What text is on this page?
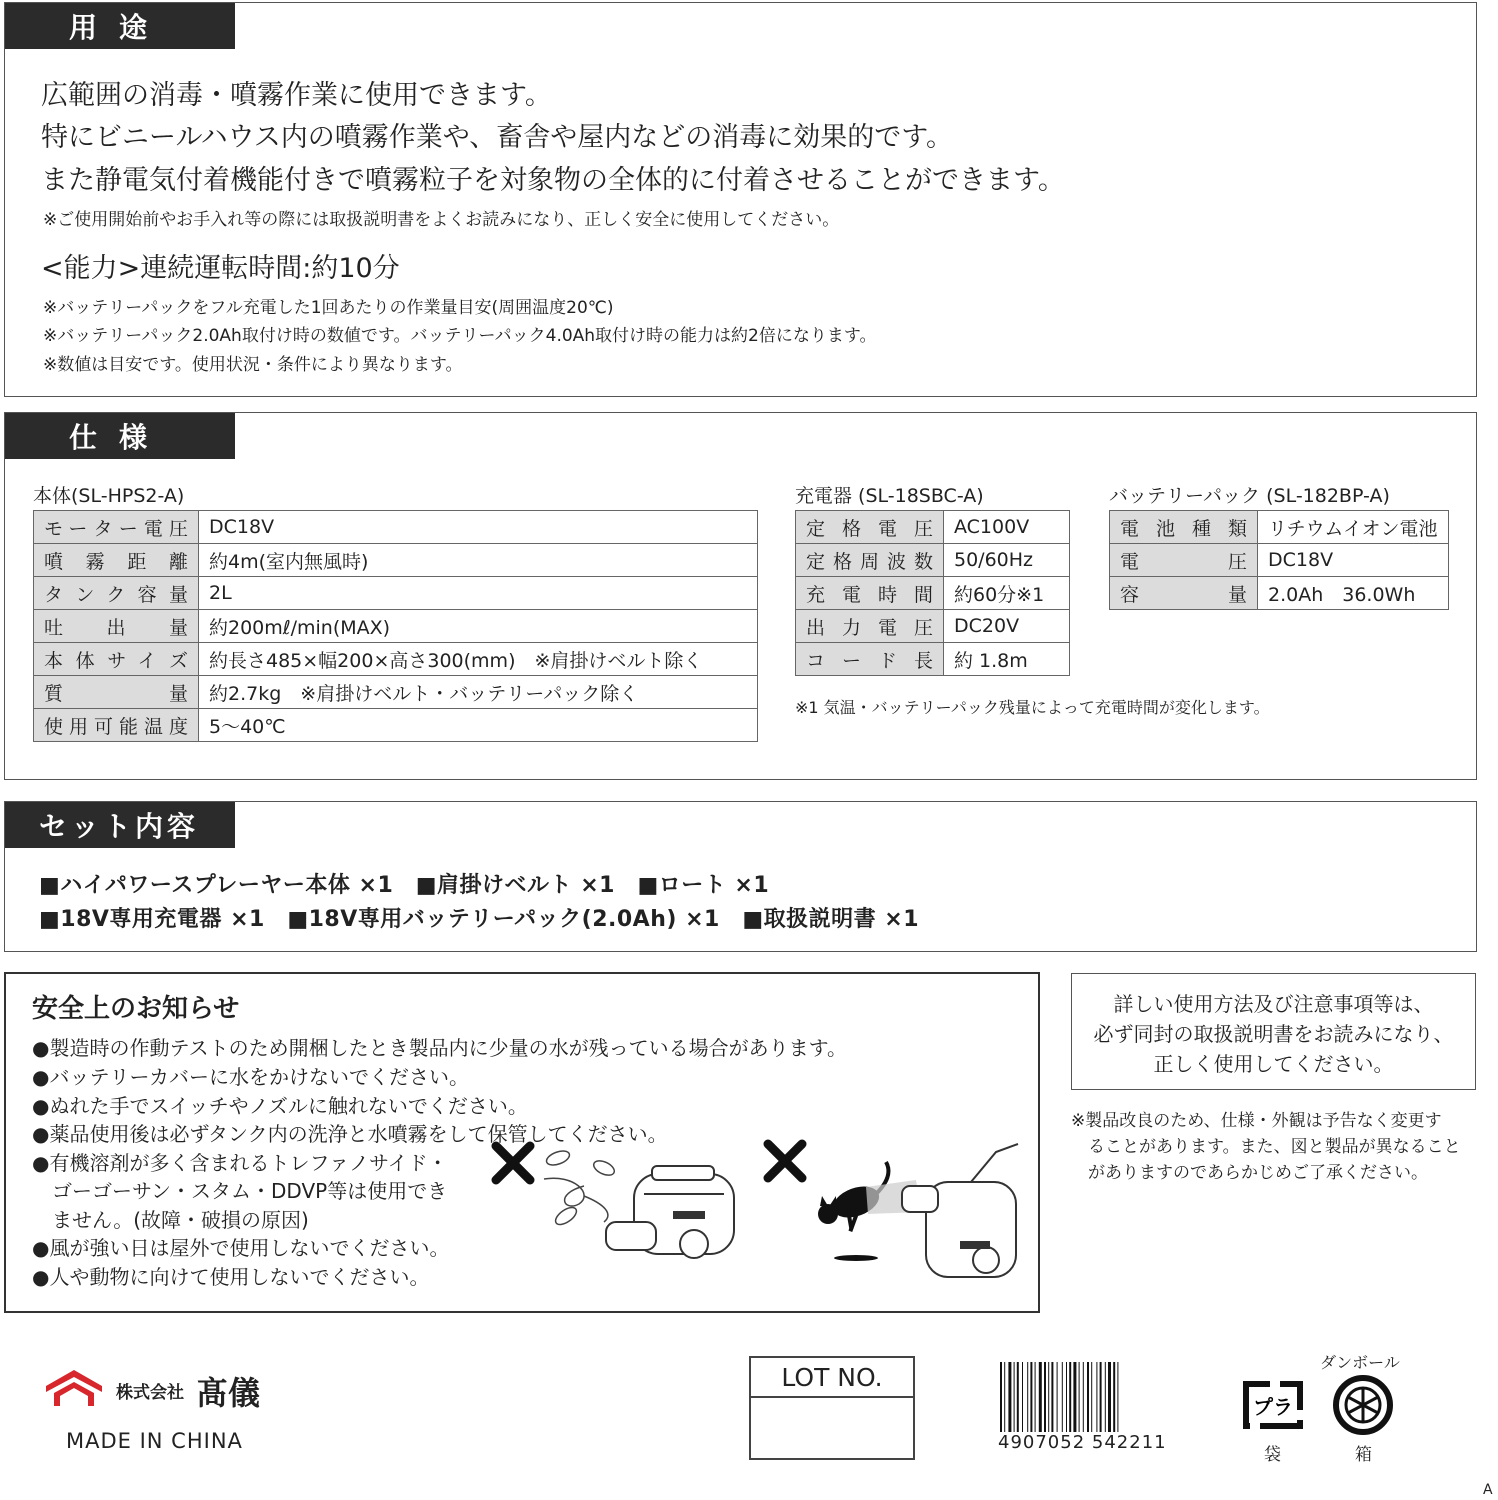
用途
広範囲の消毒・噴霧作業に使用できます。
特にビニールハウス内の噴霧作業や、畜舎や屋内などの消毒に効果的です。
また静電気付着機能付きで噴霧粒子を対象物の全体的に付着させることができます。
※ご使用開始前やお手入れ等の際には取扱説明書をよくお読みになり、正しく安全に使用してください。
<能力>連続運転時間:約10分
※バッテリーパックをフル充電した1回あたりの作業量目安(周囲温度20℃)
※バッテリーパック2.0Ah取付け時の数値です。バッテリーパック4.0Ah取付け時の能力は約2倍になります。
※数値は目安です。使用状況・条件により異なります。
仕様
本体(SL-HPS2-A)
モーター電圧	DC18V
噴霧距離	約4m(室内無風時)
タンク容量	2L
吐出量	約200mℓ/min(MAX)
本体サイズ	約長さ485×幅200×高さ300(mm)　※肩掛けベルト除く
質量	約2.7kg　※肩掛けベルト・バッテリーパック除く
使用可能温度	5〜40℃
充電器 (SL-18SBC-A)
定格電圧	AC100V
定格周波数	50/60Hz
充電時間	約60分※1
出力電圧	DC20V
コード長	約 1.8m
※1 気温・バッテリーパック残量によって充電時間が変化します。
バッテリーパック (SL-182BP-A)
電池種類	リチウムイオン電池
電圧	DC18V
容量	2.0Ah　36.0Wh
セット内容
■ハイパワースプレーヤー本体 ×1　■肩掛けベルト ×1　■ロート ×1
■18V専用充電器 ×1　■18V専用バッテリーパック(2.0Ah) ×1　■取扱説明書 ×1
安全上のお知らせ
●製造時の作動テストのため開梱したとき製品内に少量の水が残っている場合があります。
●バッテリーカバーに水をかけないでください。
●ぬれた手でスイッチやノズルに触れないでください。
●薬品使用後は必ずタンク内の洗浄と水噴霧をして保管してください。
●有機溶剤が多く含まれるトレファノサイド・
　ゴーゴーサン・スタム・DDVP等は使用でき
　ません。(故障・破損の原因)
●風が強い日は屋外で使用しないでください。
●人や動物に向けて使用しないでください。
詳しい使用方法及び注意事項等は、
必ず同封の取扱説明書をお読みになり、
正しく使用してください。
※製品改良のため、仕様・外観は予告なく変更す
　ることがあります。また、図と製品が異なること
　がありますのであらかじめご了承ください。
株式会社 髙儀
MADE IN CHINA
LOT NO.
4907052 542211
プラ
袋
ダンボール
箱
A
